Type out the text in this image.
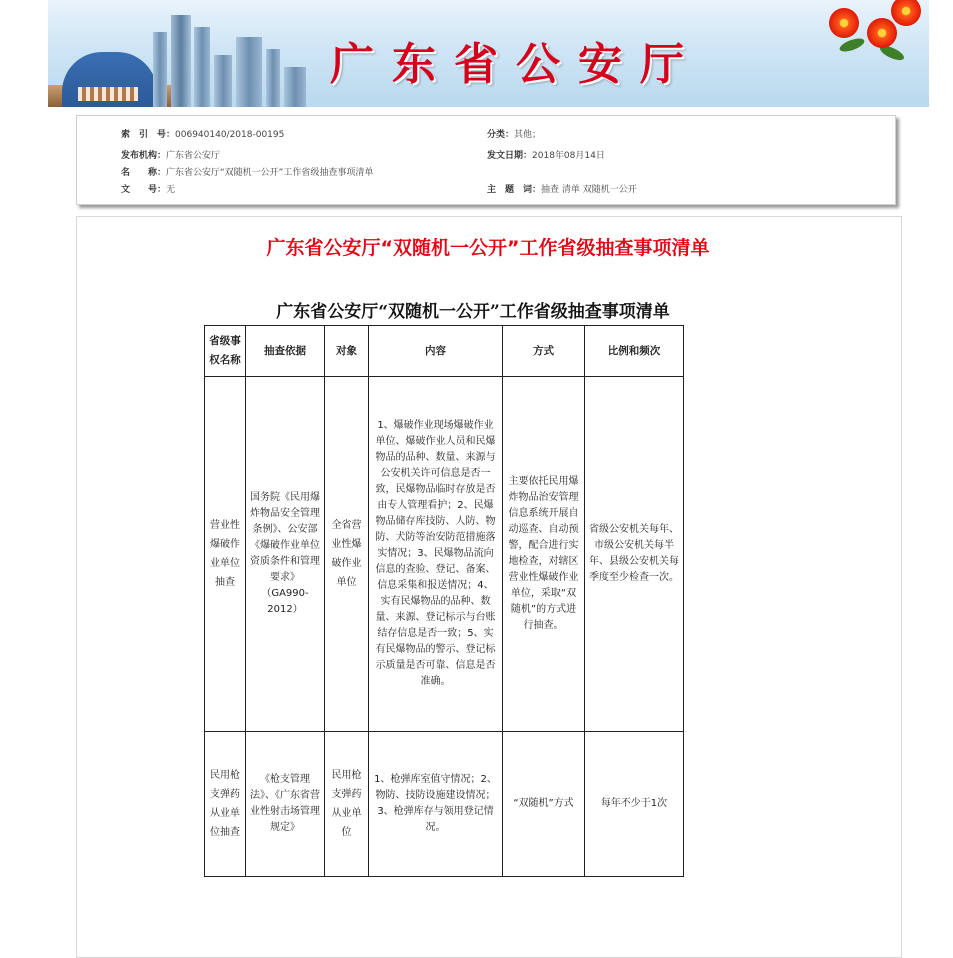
广东省公安厅
索　引　号：006940140/2018-00195	分类：其他；
发布机构：广东省公安厅	发文日期：2018年08月14日
名　　称：广东省公安厅“双随机一公开”工作省级抽查事项清单
文　　号：无	主　题　词：抽查 清单 双随机一公开
广东省公安厅“双随机一公开”工作省级抽查事项清单
广东省公安厅“双随机一公开”工作省级抽查事项清单
省级事权名称	抽查依据	对象	内容	方式	比例和频次
营业性爆破作业单位抽查	国务院《民用爆炸物品安全管理条例》、公安部《爆破作业单位资质条件和管理要求》（GA990-2012）	全省营业性爆破作业单位	1、爆破作业现场爆破作业单位、爆破作业人员和民爆物品的品种、数量、来源与公安机关许可信息是否一致，民爆物品临时存放是否由专人管理看护；2、民爆物品储存库技防、人防、物防、犬防等治安防范措施落实情况；3、民爆物品流向信息的查验、登记、备案、信息采集和报送情况；4、实有民爆物品的品种、数量、来源、登记标示与台账结存信息是否一致；5、实有民爆物品的警示、登记标示质量是否可靠、信息是否准确。	主要依托民用爆炸物品治安管理信息系统开展自动巡查、自动预警，配合进行实地检查，对辖区营业性爆破作业单位，采取“双随机”的方式进行抽查。	省级公安机关每年、市级公安机关每半年、县级公安机关每季度至少检查一次。
民用枪支弹药从业单位抽查	《枪支管理法》、《广东省营业性射击场管理规定》	民用枪支弹药从业单位	1、枪弹库室值守情况；2、物防、技防设施建设情况；3、枪弹库存与领用登记情况。	“双随机”方式	每年不少于1次
